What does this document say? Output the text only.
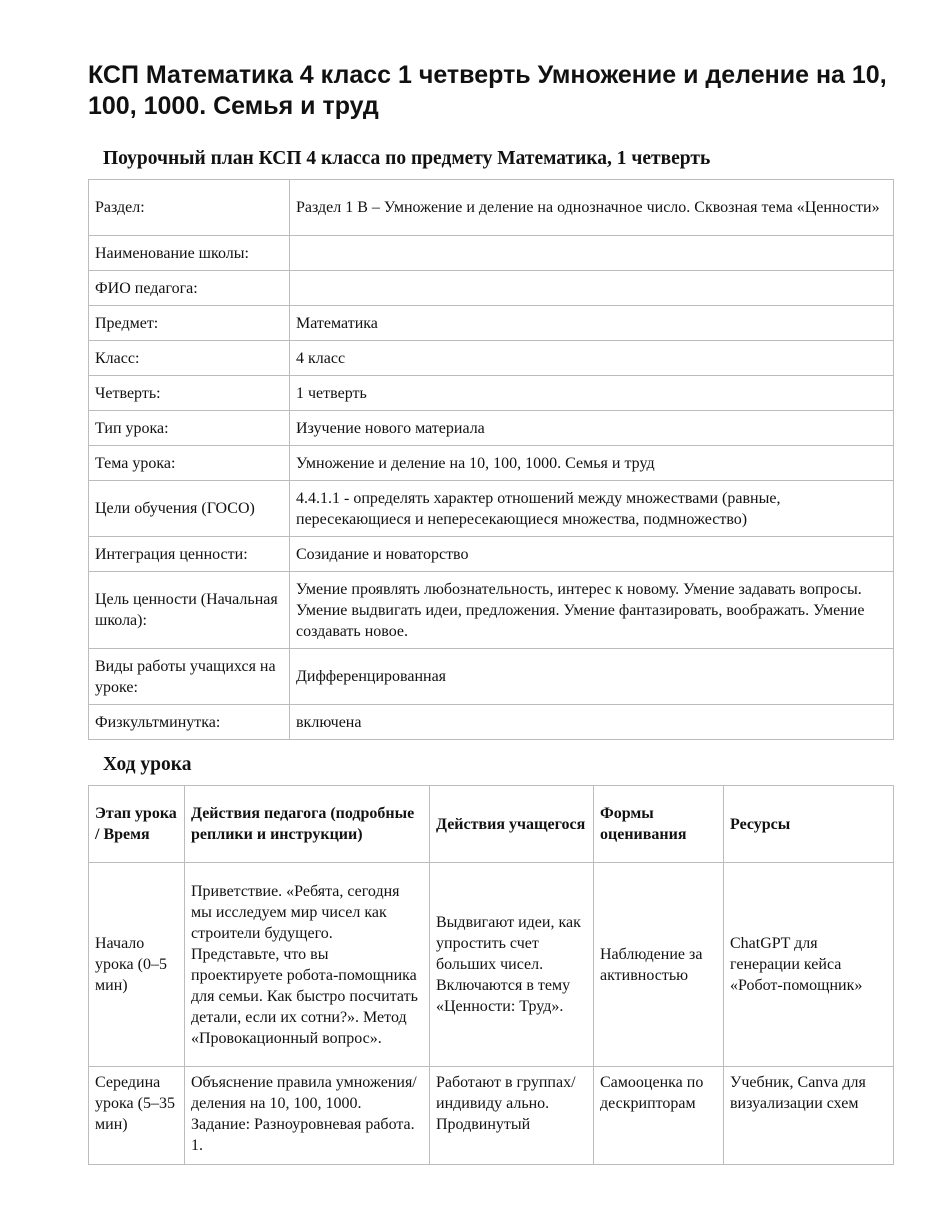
КСП Математика 4 класс 1 четверть Умножение и деление на 10, 100, 1000. Семья и труд
Поурочный план КСП 4 класса по предмету Математика, 1 четверть
Раздел:	Раздел 1 В – Умножение и деление на однозначное число. Сквозная тема «Ценности»
Наименование школы:	
ФИО педагога:	
Предмет:	Математика
Класс:	4 класс
Четверть:	1 четверть
Тип урока:	Изучение нового материала
Тема урока:	Умножение и деление на 10, 100, 1000. Семья и труд
Цели обучения (ГОСО)	4.4.1.1 - определять характер отношений между множествами (равные, пересекающиеся и непересекающиеся множества, подмножество)
Интеграция ценности:	Созидание и новаторство
Цель ценности (Начальная школа):	Умение проявлять любознательность, интерес к новому. Умение задавать вопросы. Умение выдвигать идеи, предложения. Умение фантазировать, воображать. Умение создавать новое.
Виды работы учащихся на уроке:	Дифференцированная
Физкультминутка:	включена
Ход урока
Этап урока / Время	Действия педагога (подробные реплики и инструкции)	Действия учащегося	Формы оценивания	Ресурсы
Начало урока (0–5 мин)	Приветствие. «Ребята, сегодня мы исследуем мир чисел как строители будущего. Представьте, что вы проектируете робота-помощника для семьи. Как быстро посчитать детали, если их сотни?». Метод «Провокационный вопрос».	Выдвигают идеи, как упростить счет больших чисел. Включаются в тему «Ценности: Труд».	Наблюдение за активностью	ChatGPT для генерации кейса «Робот-помощник»
Середина урока (5–35 мин)	Объяснение правила умножения/деления на 10, 100, 1000. Задание: Разноуровневая работа. 1.	Работают в группах/индивиду ально. Продвинутый	Самооценка по дескрипторам	Учебник, Canva для визуализации схем
